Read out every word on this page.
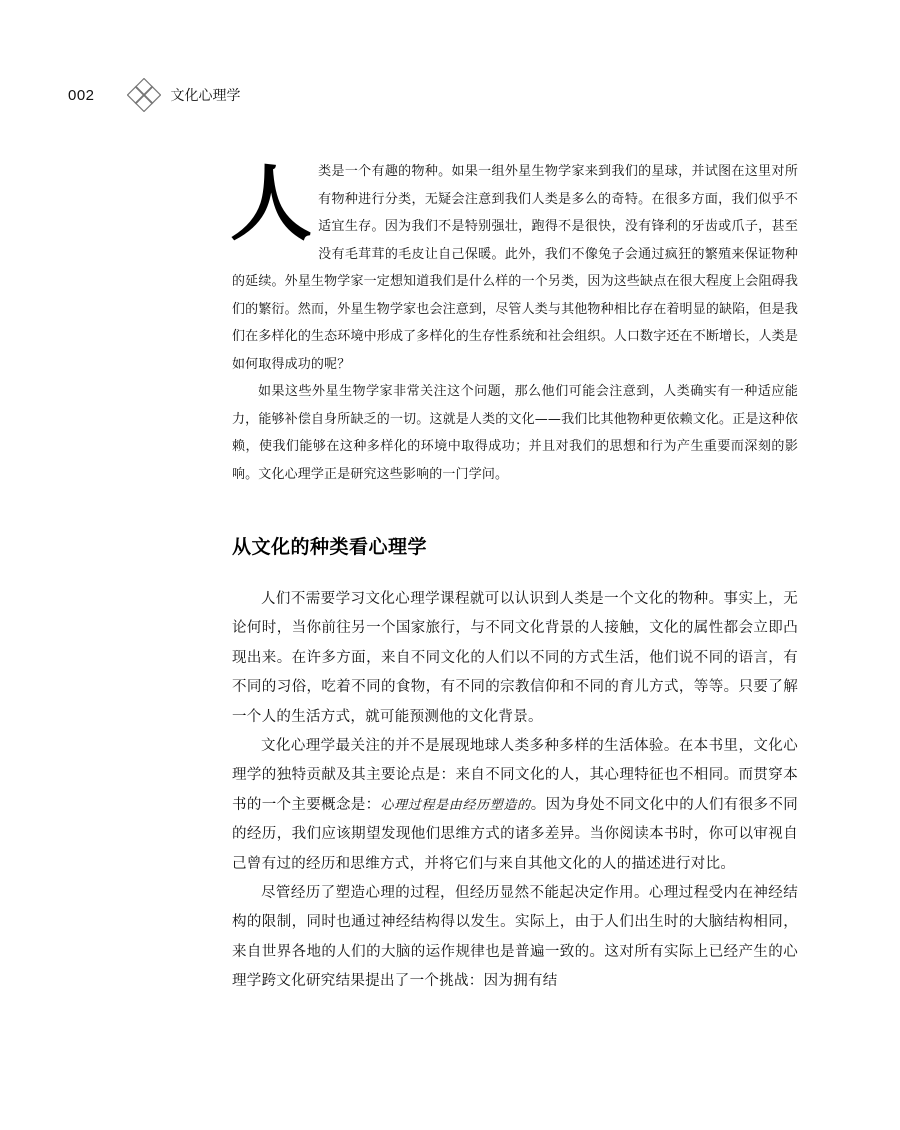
002	文化心理学

人类是一个有趣的物种。如果一组外星生物学家来到我们的星球，并试图在这里对所有物种进行分类，无疑会注意到我们人类是多么的奇特。在很多方面，我们似乎不适宜生存。因为我们不是特别强壮，跑得不是很快，没有锋利的牙齿或爪子，甚至没有毛茸茸的毛皮让自己保暖。此外，我们不像兔子会通过疯狂的繁殖来保证物种的延续。外星生物学家一定想知道我们是什么样的一个另类，因为这些缺点在很大程度上会阻碍我们的繁衍。然而，外星生物学家也会注意到，尽管人类与其他物种相比存在着明显的缺陷，但是我们在多样化的生态环境中形成了多样化的生存性系统和社会组织。人口数字还在不断增长，人类是如何取得成功的呢？

如果这些外星生物学家非常关注这个问题，那么他们可能会注意到，人类确实有一种适应能力，能够补偿自身所缺乏的一切。这就是人类的文化——我们比其他物种更依赖文化。正是这种依赖，使我们能够在这种多样化的环境中取得成功；并且对我们的思想和行为产生重要而深刻的影响。文化心理学正是研究这些影响的一门学问。

从文化的种类看心理学

人们不需要学习文化心理学课程就可以认识到人类是一个文化的物种。事实上，无论何时，当你前往另一个国家旅行，与不同文化背景的人接触，文化的属性都会立即凸现出来。在许多方面，来自不同文化的人们以不同的方式生活，他们说不同的语言，有不同的习俗，吃着不同的食物，有不同的宗教信仰和不同的育儿方式，等等。只要了解一个人的生活方式，就可能预测他的文化背景。

文化心理学最关注的并不是展现地球人类多种多样的生活体验。在本书里，文化心理学的独特贡献及其主要论点是：来自不同文化的人，其心理特征也不相同。而贯穿本书的一个主要概念是：心理过程是由经历塑造的。因为身处不同文化中的人们有很多不同的经历，我们应该期望发现他们思维方式的诸多差异。当你阅读本书时，你可以审视自己曾有过的经历和思维方式，并将它们与来自其他文化的人的描述进行对比。

尽管经历了塑造心理的过程，但经历显然不能起决定作用。心理过程受内在神经结构的限制，同时也通过神经结构得以发生。实际上，由于人们出生时的大脑结构相同，来自世界各地的人们的大脑的运作规律也是普遍一致的。这对所有实际上已经产生的心理学跨文化研究结果提出了一个挑战：因为拥有结
